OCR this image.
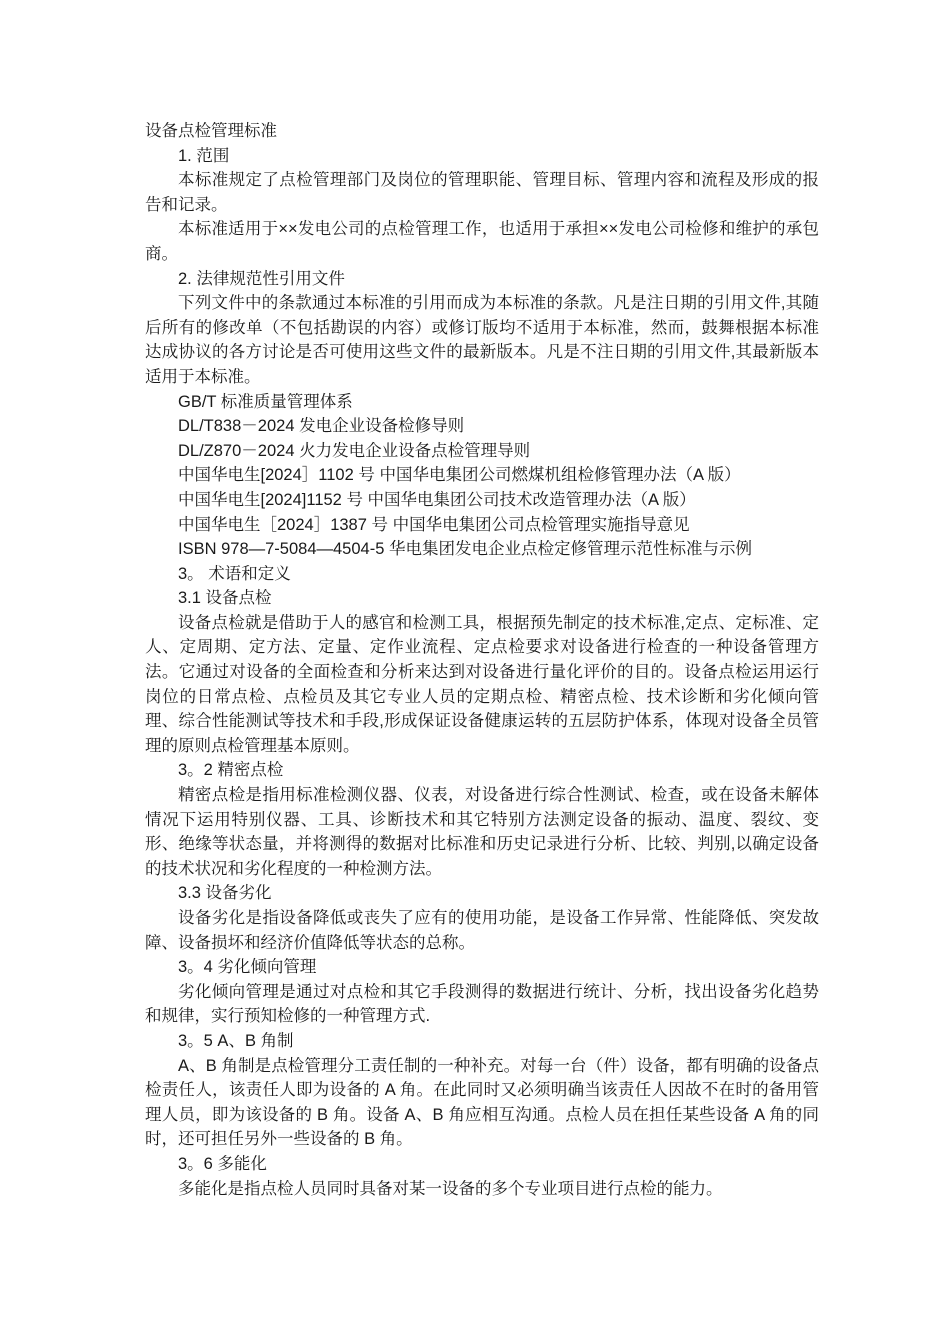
设备点检管理标准

1. 范围

本标准规定了点检管理部门及岗位的管理职能、管理目标、管理内容和流程及形成的报告和记录。

本标准适用于××发电公司的点检管理工作，也适用于承担××发电公司检修和维护的承包商。

2. 法律规范性引用文件

下列文件中的条款通过本标准的引用而成为本标准的条款。凡是注日期的引用文件,其随后所有的修改单（不包括勘误的内容）或修订版均不适用于本标准，然而，鼓舞根据本标准达成协议的各方讨论是否可使用这些文件的最新版本。凡是不注日期的引用文件,其最新版本适用于本标准。

GB/T 标准质量管理体系

DL/T838－2024 发电企业设备检修导则

DL/Z870－2024 火力发电企业设备点检管理导则

中国华电生[2024］1102 号 中国华电集团公司燃煤机组检修管理办法（A 版）

中国华电生[2024]1152 号 中国华电集团公司技术改造管理办法（A 版）

中国华电生［2024］1387 号 中国华电集团公司点检管理实施指导意见

ISBN 978—7-5084—4504-5 华电集团发电企业点检定修管理示范性标准与示例

3。 术语和定义

3.1 设备点检

设备点检就是借助于人的感官和检测工具，根据预先制定的技术标准,定点、定标准、定人、定周期、定方法、定量、定作业流程、定点检要求对设备进行检查的一种设备管理方法。它通过对设备的全面检查和分析来达到对设备进行量化评价的目的。设备点检运用运行岗位的日常点检、点检员及其它专业人员的定期点检、精密点检、技术诊断和劣化倾向管理、综合性能测试等技术和手段,形成保证设备健康运转的五层防护体系，体现对设备全员管理的原则点检管理基本原则。

3。2 精密点检

精密点检是指用标准检测仪器、仪表，对设备进行综合性测试、检查，或在设备未解体情况下运用特别仪器、工具、诊断技术和其它特别方法测定设备的振动、温度、裂纹、变形、绝缘等状态量，并将测得的数据对比标准和历史记录进行分析、比较、判别,以确定设备的技术状况和劣化程度的一种检测方法。

3.3 设备劣化

设备劣化是指设备降低或丧失了应有的使用功能，是设备工作异常、性能降低、突发故障、设备损坏和经济价值降低等状态的总称。

3。4 劣化倾向管理

劣化倾向管理是通过对点检和其它手段测得的数据进行统计、分析，找出设备劣化趋势和规律，实行预知检修的一种管理方式.

3。5 A、B 角制

A、B 角制是点检管理分工责任制的一种补充。对每一台（件）设备，都有明确的设备点检责任人，该责任人即为设备的 A 角。在此同时又必须明确当该责任人因故不在时的备用管理人员，即为该设备的 B 角。设备 A、B 角应相互沟通。点检人员在担任某些设备 A 角的同时，还可担任另外一些设备的 B 角。

3。6 多能化

多能化是指点检人员同时具备对某一设备的多个专业项目进行点检的能力。
